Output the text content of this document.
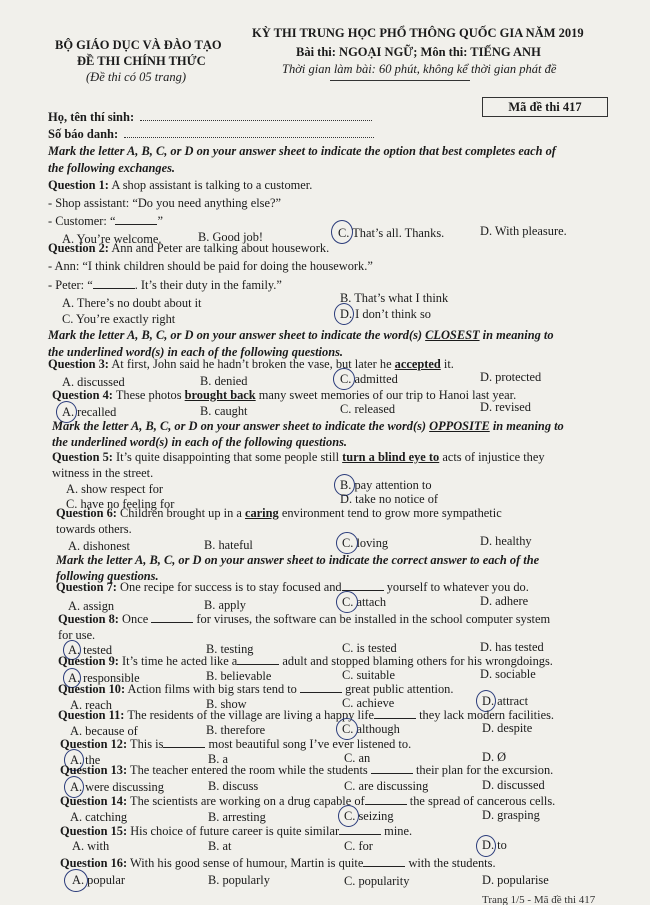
BỘ GIÁO DỤC VÀ ĐÀO TẠO
ĐỀ THI CHÍNH THỨC
(Đề thi có 05 trang)
KỲ THI TRUNG HỌC PHỔ THÔNG QUỐC GIA NĂM 2019
Bài thi: NGOẠI NGỮ; Môn thi: TIẾNG ANH
Thời gian làm bài: 60 phút, không kể thời gian phát đề
Họ, tên thí sinh:
Số báo danh:
Mã đề thi 417
Mark the letter A, B, C, or D on your answer sheet to indicate the option that best completes each of
the following exchanges.
Question 1: A shop assistant is talking to a customer.
- Shop assistant: “Do you need anything else?”
- Customer: “	”
A. You’re welcome.	B. Good job!	C. That’s all. Thanks.	D. With pleasure.
Question 2: Ann and Peter are talking about housework.
- Ann: “I think children should be paid for doing the housework.”
- Peter: “	. It’s their duty in the family.”
A. There’s no doubt about it	B. That’s what I think
C. You’re exactly right	D. I don’t think so
Mark the letter A, B, C, or D on your answer sheet to indicate the word(s) CLOSEST in meaning to
the underlined word(s) in each of the following questions.
Question 3: At first, John said he hadn’t broken the vase, but later he accepted it.
A. discussed	B. denied	C. admitted	D. protected
Question 4: These photos brought back many sweet memories of our trip to Hanoi last year.
A. recalled	B. caught	C. released	D. revised
Mark the letter A, B, C, or D on your answer sheet to indicate the word(s) OPPOSITE in meaning to
the underlined word(s) in each of the following questions.
Question 5: It’s quite disappointing that some people still turn a blind eye to acts of injustice they
witness in the street.
A. show respect for	B. pay attention to
C. have no feeling for	D. take no notice of
Question 6: Children brought up in a caring environment tend to grow more sympathetic
towards others.
A. dishonest	B. hateful	C. loving	D. healthy
Mark the letter A, B, C, or D on your answer sheet to indicate the correct answer to each of the
following questions.
Question 7: One recipe for success is to stay focused and	yourself to whatever you do.
A. assign	B. apply	C. attach	D. adhere
Question 8: Once	for viruses, the software can be installed in the school computer system
for use.
A. tested	B. testing	C. is tested	D. has tested
Question 9: It’s time he acted like a	adult and stopped blaming others for his wrongdoings.
A. responsible	B. believable	C. suitable	D. sociable
Question 10: Action films with big stars tend to	great public attention.
A. reach	B. show	C. achieve	D. attract
Question 11: The residents of the village are living a happy life	they lack modern facilities.
A. because of	B. therefore	C. although	D. despite
Question 12: This is	most beautiful song I’ve ever listened to.
A. the	B. a	C. an	D. Ø
Question 13: The teacher entered the room while the students	their plan for the excursion.
A. were discussing	B. discuss	C. are discussing	D. discussed
Question 14: The scientists are working on a drug capable of	the spread of cancerous cells.
A. catching	B. arresting	C. seizing	D. grasping
Question 15: His choice of future career is quite similar	mine.
A. with	B. at	C. for	D. to
Question 16: With his good sense of humour, Martin is quite	with the students.
A. popular	B. popularly	C. popularity	D. popularise
Trang 1/5 - Mã đề thi 417
